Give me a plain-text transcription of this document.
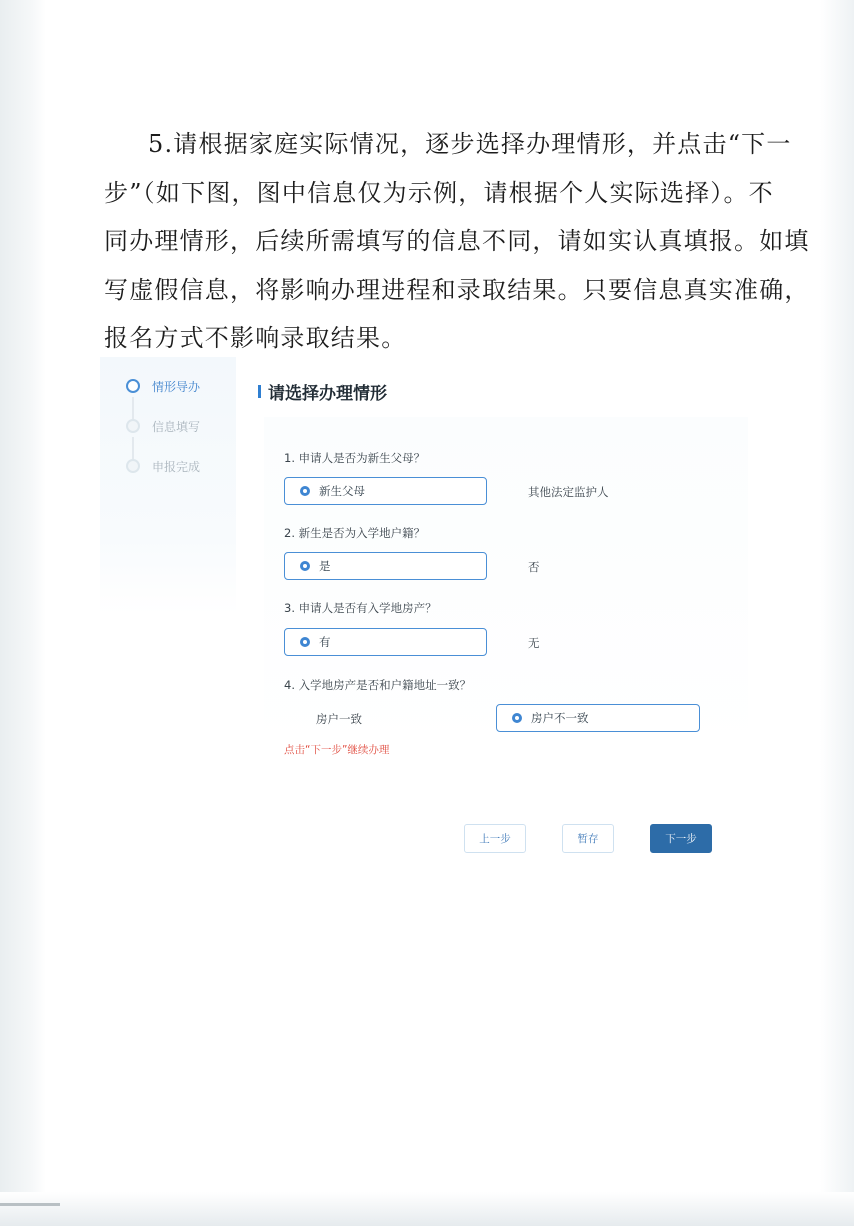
5.请根据家庭实际情况，逐步选择办理情形，并点击“下一
步”（如下图，图中信息仅为示例，请根据个人实际选择）。不
同办理情形，后续所需填写的信息不同，请如实认真填报。如填
写虚假信息，将影响办理进程和录取结果。只要信息真实准确，
报名方式不影响录取结果。
情形导办
信息填写
申报完成
请选择办理情形
1. 申请人是否为新生父母？
新生父母	其他法定监护人
2. 新生是否为入学地户籍？
是	否
3. 申请人是否有入学地房产？
有	无
4. 入学地房产是否和户籍地址一致？
房户一致	房户不一致
点击“下一步”继续办理
上一步	暂存	下一步
